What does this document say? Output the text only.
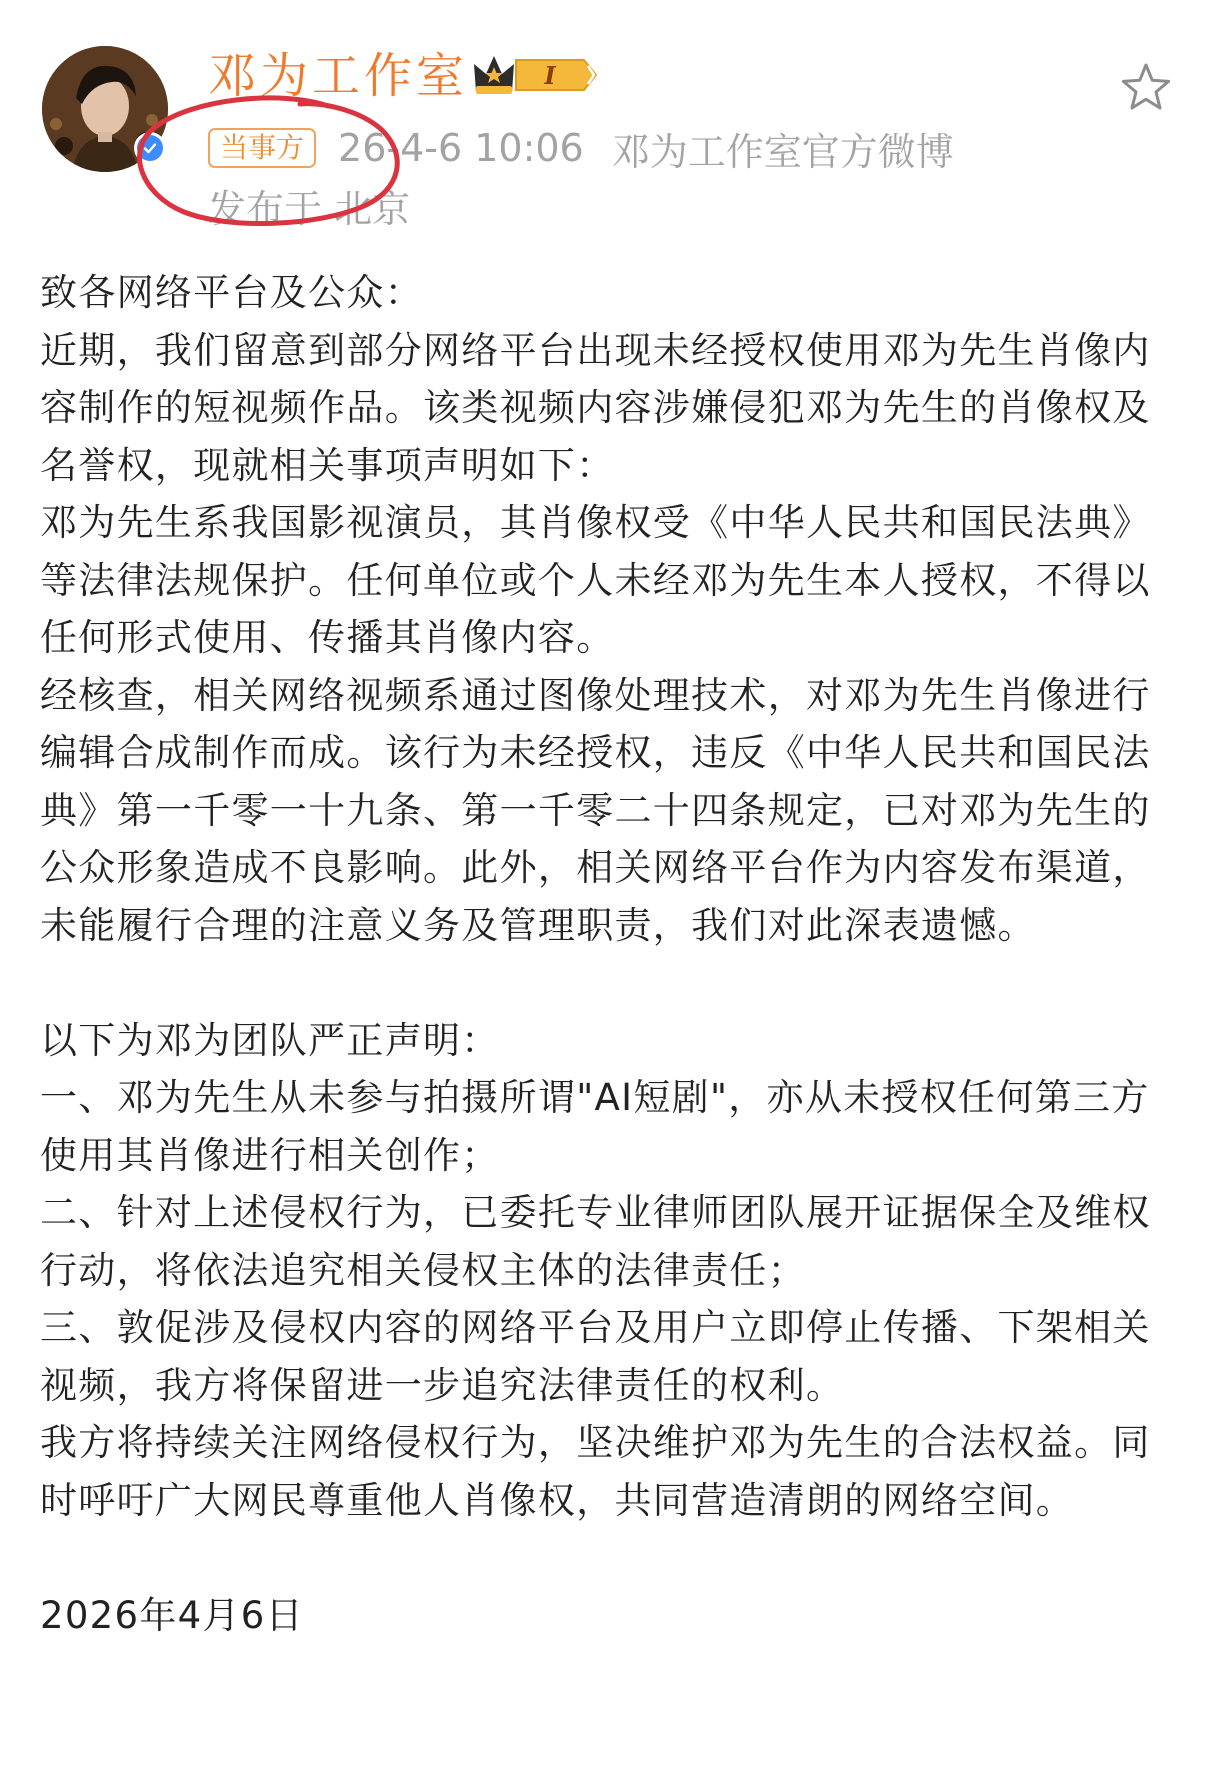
邓为工作室	I
当事方 26-4-6 10:06 邓为工作室官方微博
发布于 北京

致各网络平台及公众：

近期，我们留意到部分网络平台出现未经授权使用邓为先生肖像内容制作的短视频作品。该类视频内容涉嫌侵犯邓为先生的肖像权及名誉权，现就相关事项声明如下：

邓为先生系我国影视演员，其肖像权受《中华人民共和国民法典》等法律法规保护。任何单位或个人未经邓为先生本人授权，不得以任何形式使用、传播其肖像内容。

经核查，相关网络视频系通过图像处理技术，对邓为先生肖像进行编辑合成制作而成。该行为未经授权，违反《中华人民共和国民法典》第一千零一十九条、第一千零二十四条规定，已对邓为先生的公众形象造成不良影响。此外，相关网络平台作为内容发布渠道，未能履行合理的注意义务及管理职责，我们对此深表遗憾。

以下为邓为团队严正声明：

一、邓为先生从未参与拍摄所谓"AI短剧"，亦从未授权任何第三方使用其肖像进行相关创作；

二、针对上述侵权行为，已委托专业律师团队展开证据保全及维权行动，将依法追究相关侵权主体的法律责任；

三、敦促涉及侵权内容的网络平台及用户立即停止传播、下架相关视频，我方将保留进一步追究法律责任的权利。

我方将持续关注网络侵权行为，坚决维护邓为先生的合法权益。同时呼吁广大网民尊重他人肖像权，共同营造清朗的网络空间。

2026年4月6日
